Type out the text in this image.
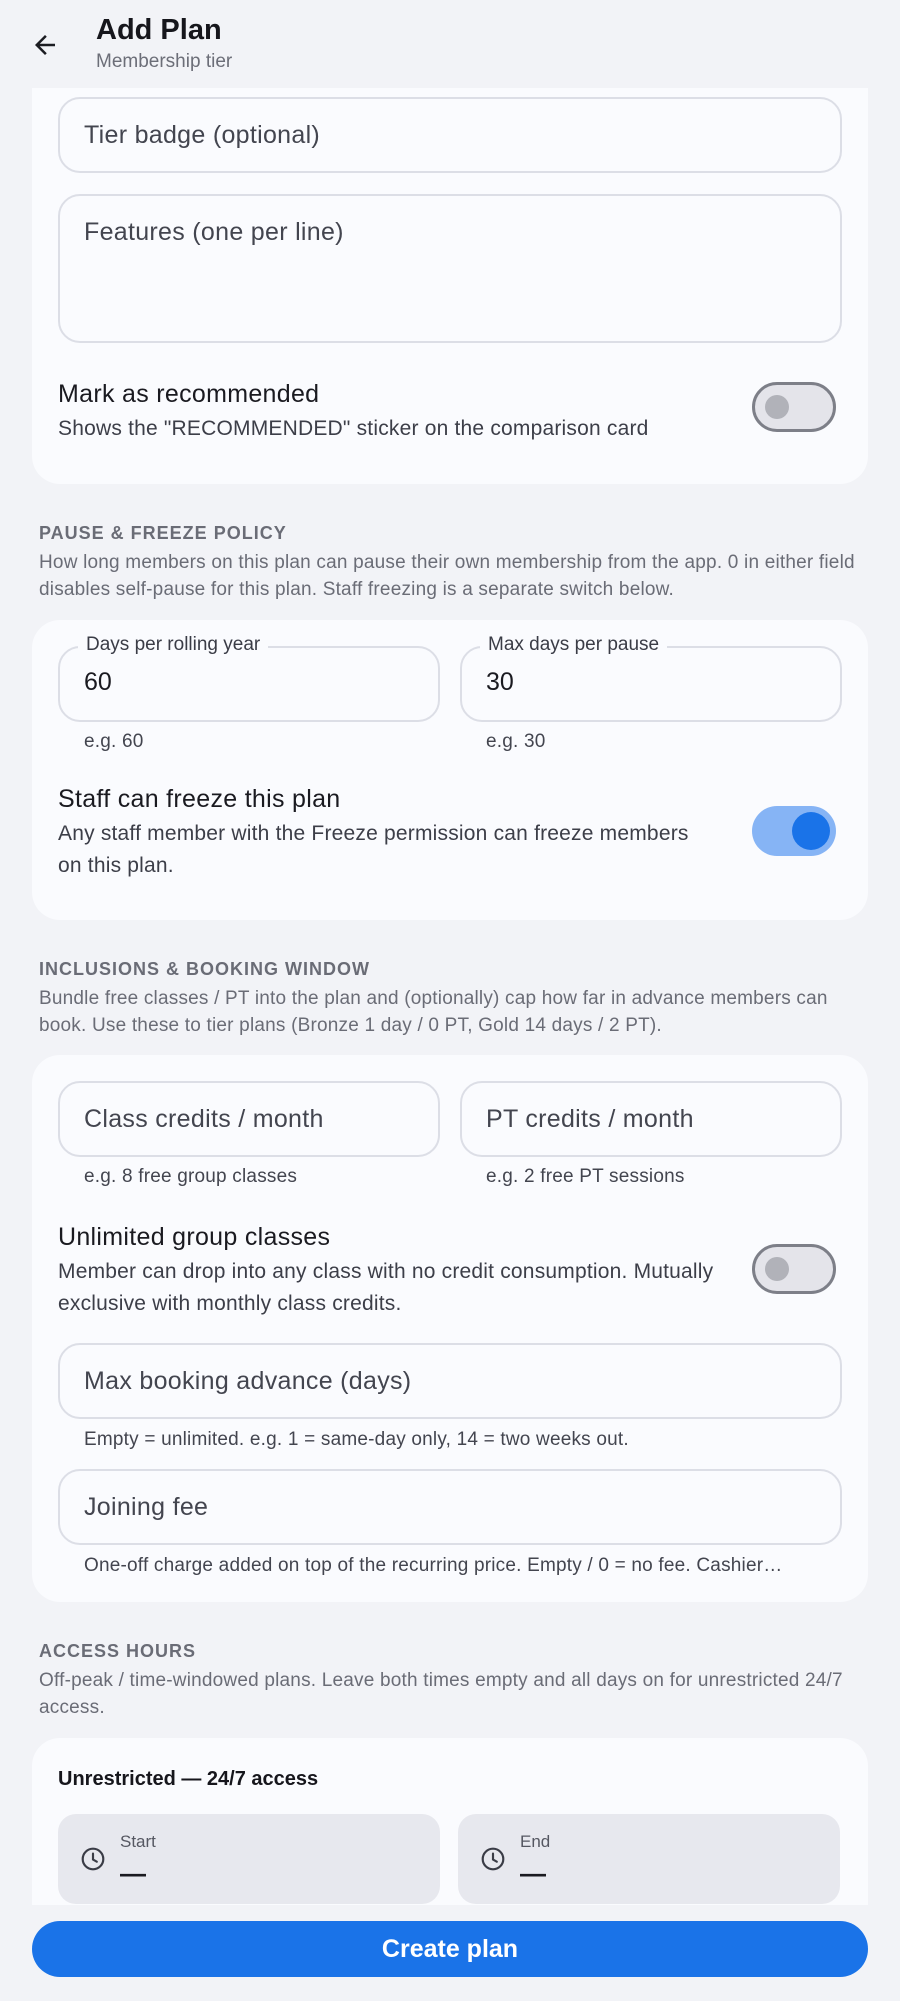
Add Plan
Membership tier
Tier badge (optional)
Features (one per line)
Mark as recommended
Shows the "RECOMMENDED" sticker on the comparison card
PAUSE & FREEZE POLICY
How long members on this plan can pause their own membership from the app. 0 in either field disables self-pause for this plan. Staff freezing is a separate switch below.
Days per rolling year
60
e.g. 60
Max days per pause
30
e.g. 30
Staff can freeze this plan
Any staff member with the Freeze permission can freeze members on this plan.
INCLUSIONS & BOOKING WINDOW
Bundle free classes / PT into the plan and (optionally) cap how far in advance members can book. Use these to tier plans (Bronze 1 day / 0 PT, Gold 14 days / 2 PT).
Class credits / month
e.g. 8 free group classes
PT credits / month
e.g. 2 free PT sessions
Unlimited group classes
Member can drop into any class with no credit consumption. Mutually exclusive with monthly class credits.
Max booking advance (days)
Empty = unlimited. e.g. 1 = same-day only, 14 = two weeks out.
Joining fee
One-off charge added on top of the recurring price. Empty / 0 = no fee. Cashier…
ACCESS HOURS
Off-peak / time-windowed plans. Leave both times empty and all days on for unrestricted 24/7 access.
Unrestricted — 24/7 access
Start
—
End
—
Create plan
